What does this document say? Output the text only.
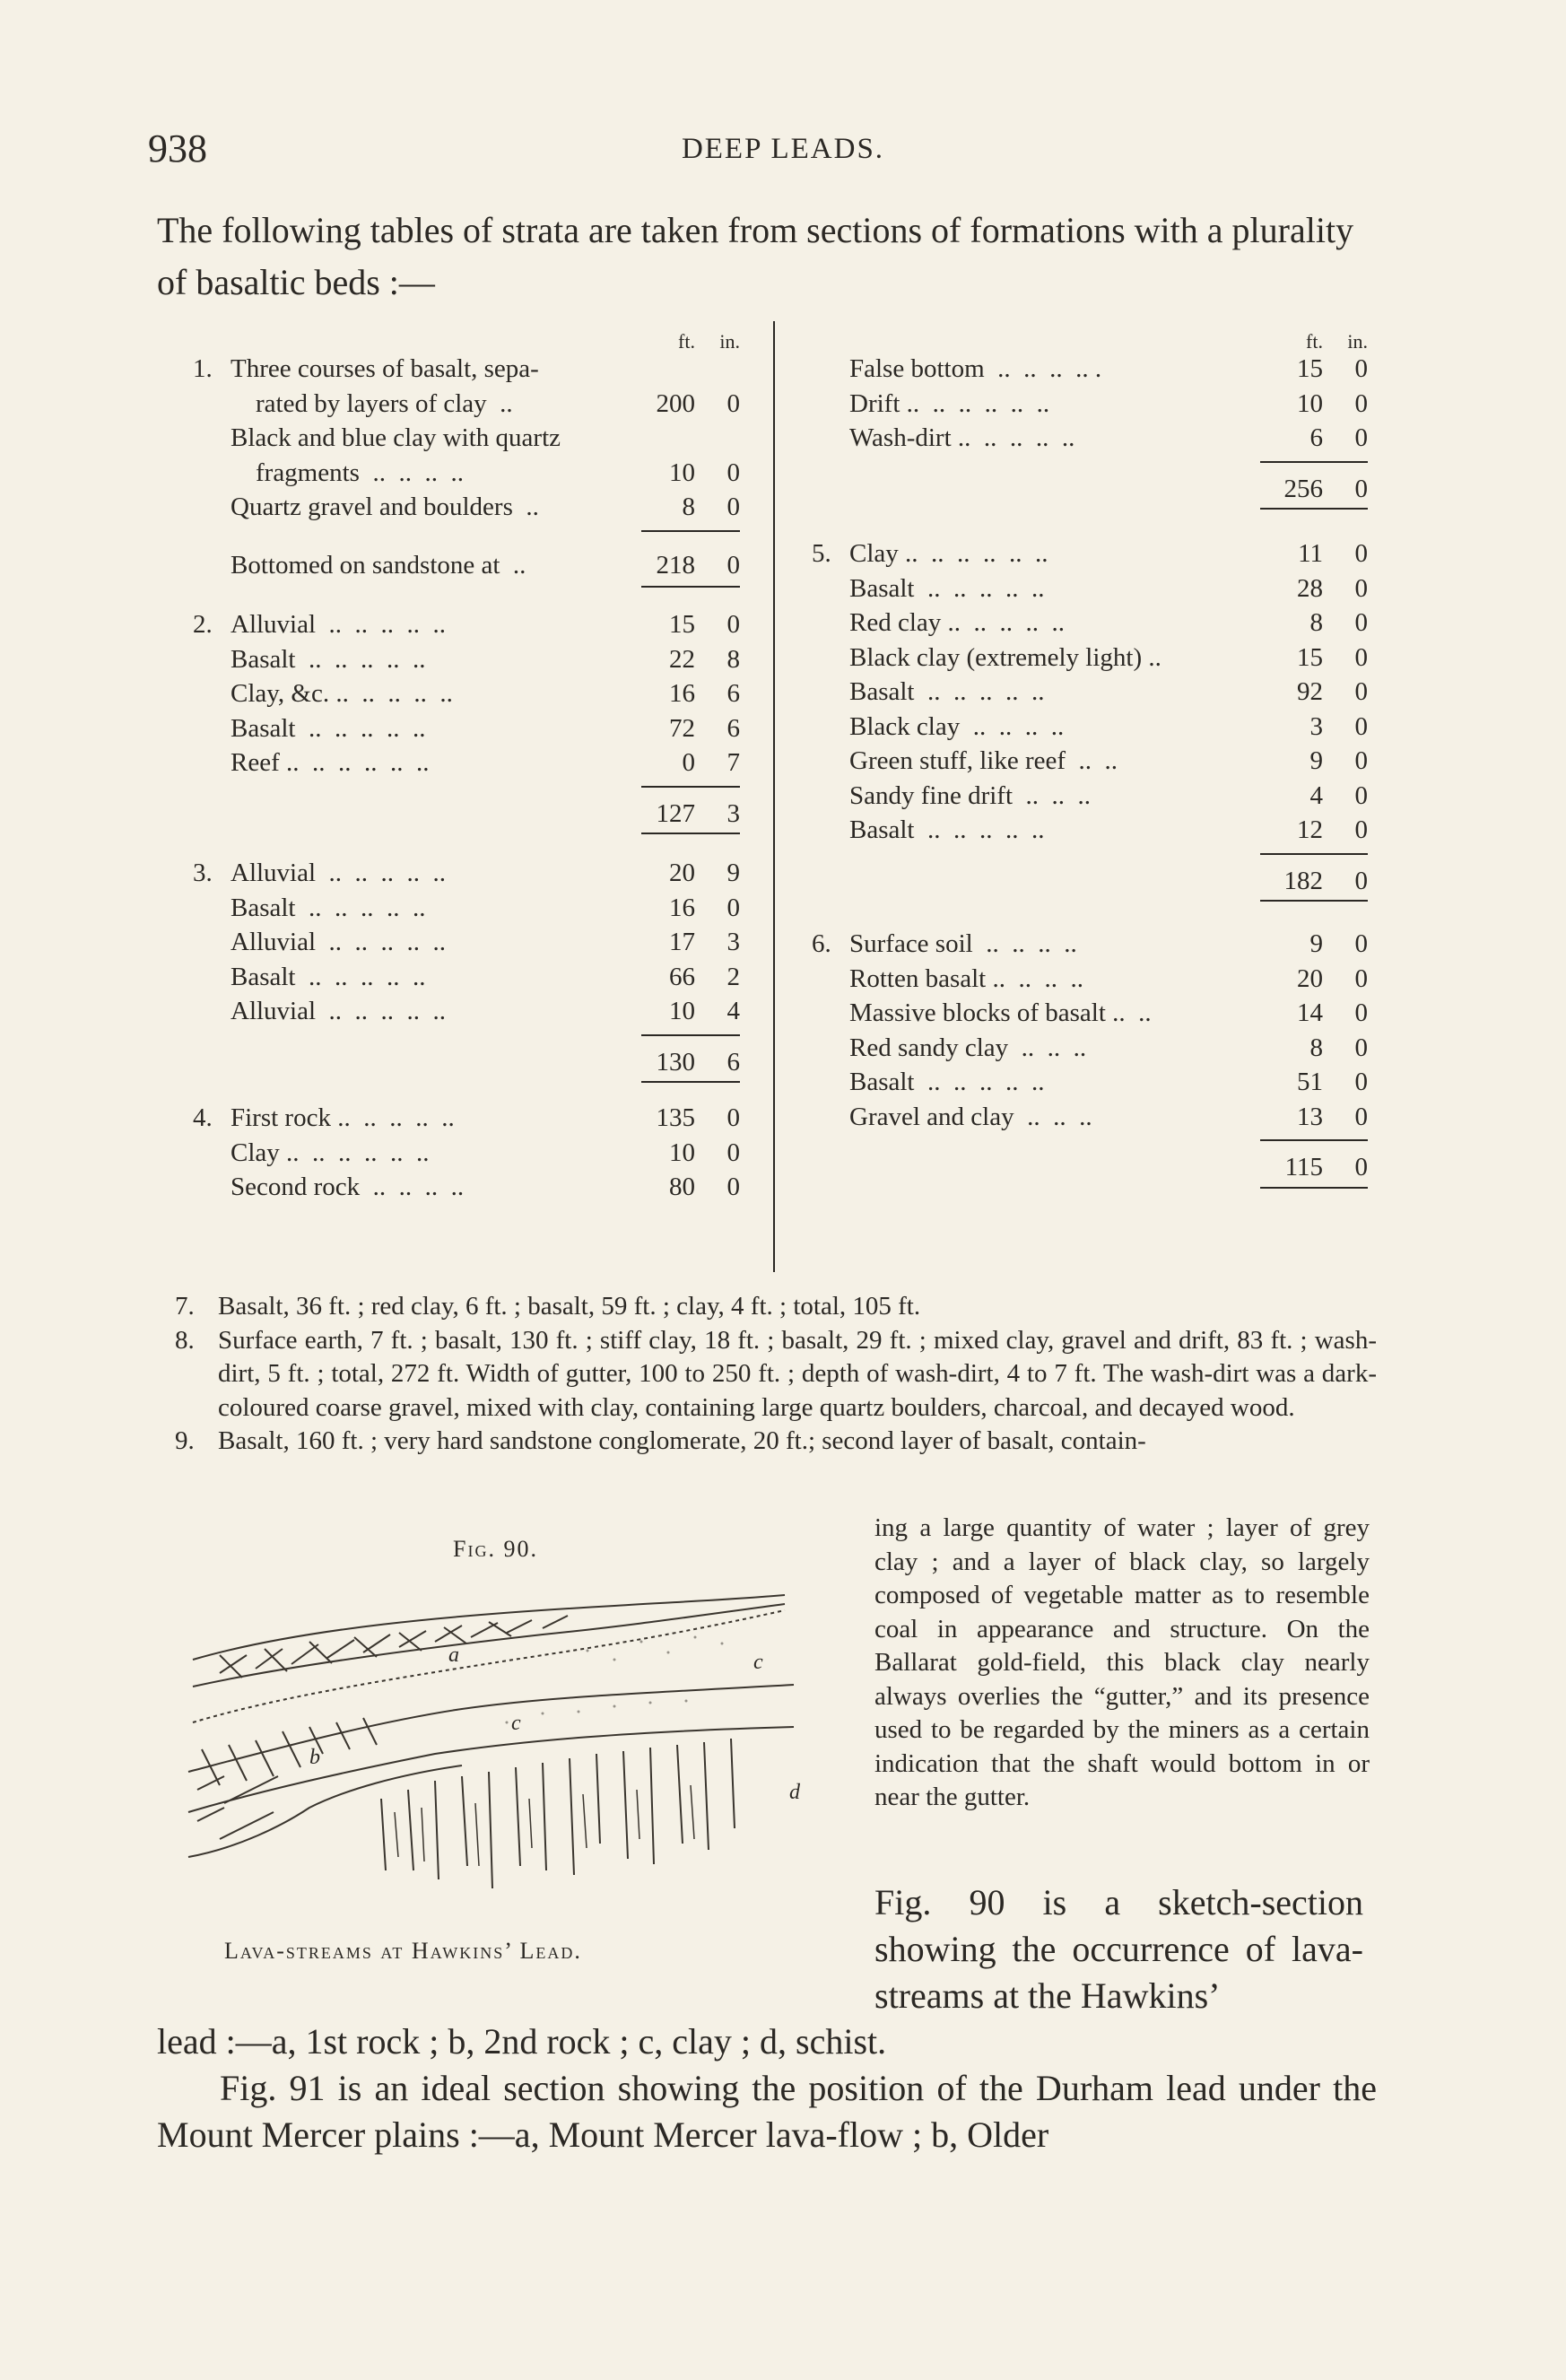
938	DEEP LEADS.
The following tables of strata are taken from sections of formations with a plurality of basaltic beds :—
ft.	in.
1. Three courses of basalt, sepa-
rated by layers of clay  ..	200	0
Black and blue clay with quartz
fragments  ..  ..  ..  ..	10	0
Quartz gravel and boulders  ..	8	0
Bottomed on sandstone at  ..	218	0
2. Alluvial  ..  ..  ..  ..  ..	15	0
Basalt  ..  ..  ..  ..  ..	22	8
Clay, &c. ..  ..  ..  ..  ..	16	6
Basalt  ..  ..  ..  ..  ..	72	6
Reef ..  ..  ..  ..  ..  ..	0	7
127	3
3. Alluvial  ..  ..  ..  ..  ..	20	9
Basalt  ..  ..  ..  ..  ..	16	0
Alluvial  ..  ..  ..  ..  ..	17	3
Basalt  ..  ..  ..  ..  ..	66	2
Alluvial  ..  ..  ..  ..  ..	10	4
130	6
4. First rock ..  ..  ..  ..  ..	135	0
Clay ..  ..  ..  ..  ..  ..	10	0
Second rock  ..  ..  ..  ..	80	0
ft.	in.
False bottom  ..  ..  ..  .. .	15	0
Drift ..  ..  ..  ..  ..  ..	10	0
Wash-dirt ..  ..  ..  ..  ..	6	0
256	0
5. Clay ..  ..  ..  ..  ..  ..	11	0
Basalt  ..  ..  ..  ..  ..	28	0
Red clay ..  ..  ..  ..  ..	8	0
Black clay (extremely light) ..	15	0
Basalt  ..  ..  ..  ..  ..	92	0
Black clay  ..  ..  ..  ..	3	0
Green stuff, like reef  ..  ..	9	0
Sandy fine drift  ..  ..  ..	4	0
Basalt  ..  ..  ..  ..  ..	12	0
182	0
6. Surface soil  ..  ..  ..  ..	9	0
Rotten basalt ..  ..  ..  ..	20	0
Massive blocks of basalt ..  ..	14	0
Red sandy clay  ..  ..  ..	8	0
Basalt  ..  ..  ..  ..  ..	51	0
Gravel and clay  ..  ..  ..	13	0
115	0
7. Basalt, 36 ft. ; red clay, 6 ft. ; basalt, 59 ft. ; clay, 4 ft. ; total, 105 ft.
8. Surface earth, 7 ft. ; basalt, 130 ft. ; stiff clay, 18 ft. ; basalt, 29 ft. ; mixed clay, gravel and drift, 83 ft. ; wash-dirt, 5 ft. ; total, 272 ft. Width of gutter, 100 to 250 ft. ; depth of wash-dirt, 4 to 7 ft. The wash-dirt was a dark-coloured coarse gravel, mixed with clay, containing large quartz boulders, charcoal, and decayed wood.
9. Basalt, 160 ft. ; very hard sandstone conglomerate, 20 ft.; second layer of basalt, contain-
ing a large quantity of water ; layer of grey clay ; and a layer of black clay, so largely composed of vegetable matter as to resemble coal in appearance and structure. On the Ballarat gold-field, this black clay nearly always overlies the “gutter,” and its presence used to be regarded by the miners as a certain indication that the shaft would bottom in or near the gutter.
Fig. 90.
a
b
c
c
d
Lava-streams at Hawkins’ Lead.
Fig. 90 is a sketch-section showing the occurrence of lava-streams at the Hawkins’
lead :—a, 1st rock ; b, 2nd rock ; c, clay ; d, schist.
Fig. 91 is an ideal section showing the position of the Durham lead under the Mount Mercer plains :—a, Mount Mercer lava-flow ; b, Older
